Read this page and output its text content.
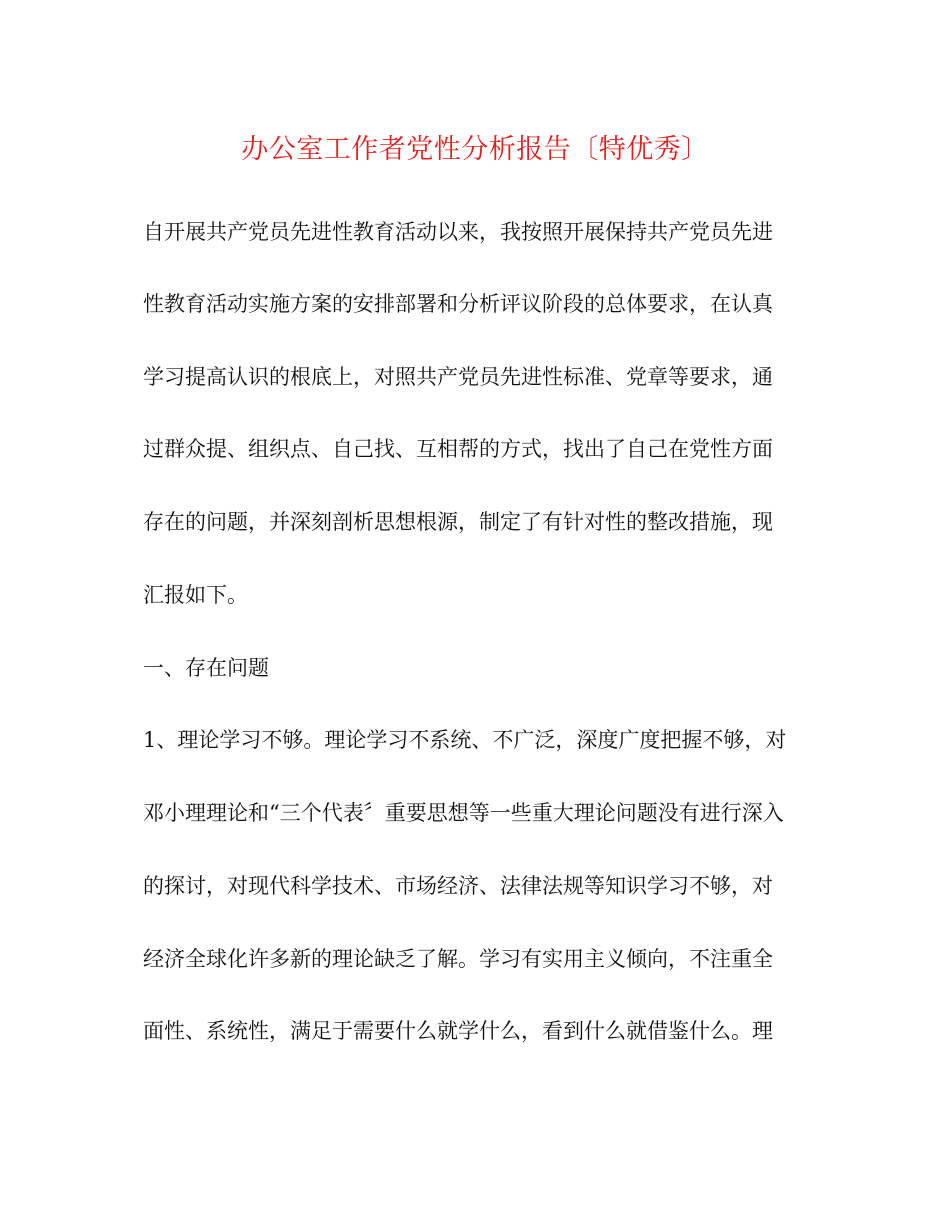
办公室工作者党性分析报告〔特优秀〕
自开展共产党员先进性教育活动以来，我按照开展保持共产党员先进
性教育活动实施方案的安排部署和分析评议阶段的总体要求，在认真
学习提高认识的根底上，对照共产党员先进性标准、党章等要求，通
过群众提、组织点、自己找、互相帮的方式，找出了自己在党性方面
存在的问题，并深刻剖析思想根源，制定了有针对性的整改措施，现
汇报如下。
一、存在问题
1、理论学习不够。理论学习不系统、不广泛，深度广度把握不够，对
邓小理理论和“三个代表〞重要思想等一些重大理论问题没有进行深入
的探讨，对现代科学技术、市场经济、法律法规等知识学习不够，对
经济全球化许多新的理论缺乏了解。学习有实用主义倾向，不注重全
面性、系统性，满足于需要什么就学什么，看到什么就借鉴什么。理
